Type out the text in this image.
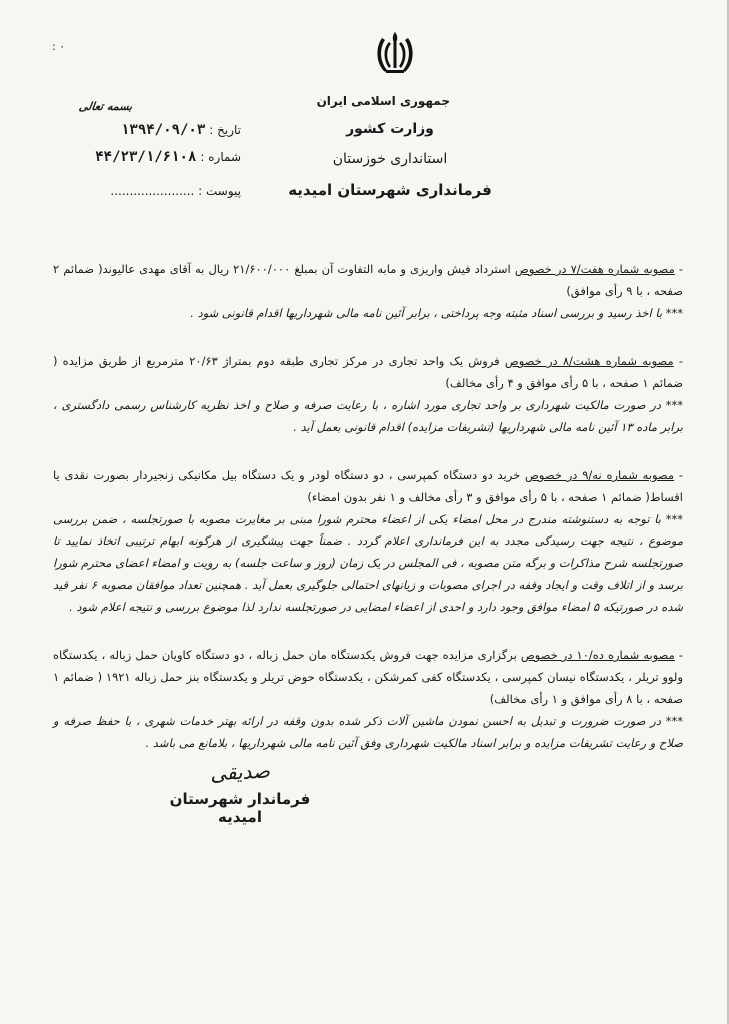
٠ :
بسمه تعالی	جمهوری اسلامی ایران
وزارت کشور
استانداری خوزستان
فرمانداری شهرستان امیدیه
تاریخ :۱۳۹۴/۰۹/۰۳
شماره :۴۴/۲۳/۱/۶۱۰۸
پیوست : ......................

- مصوبه شماره هفت/۷ در خصوص استرداد فیش واریزی و مابه التفاوت آن بمبلغ ۲۱/۶۰۰/۰۰۰ ریال به آقای مهدی عالیوند( ضمائم ۲ صفحه ، با ۹ رأی موافق)

*** با اخذ رسید و بررسی اسناد مثبته وجه پرداختی ، برابر آئین نامه مالی شهرداریها اقدام قانونی شود .

- مصوبه شماره هشت/۸ در خصوص فروش یک واحد تجاری در مرکز تجاری طبقه دوم بمتراژ ۲۰/۶۳ مترمربع از طریق مزایده ( ضمائم ۱ صفحه ، با ۵ رأی موافق و ۴ رأی مخالف)

*** در صورت مالکیت شهرداری بر واحد تجاری مورد اشاره ، با رعایت صرفه و صلاح و اخذ نظریه کارشناس رسمی دادگستری ، برابر ماده ۱۳ آئین نامه مالی شهرداریها (تشریفات مزایده) اقدام قانونی بعمل آید .

- مصوبه شماره نه/۹ در خصوص خرید دو دستگاه کمپرسی ، دو دستگاه لودر و یک دستگاه بیل مکانیکی زنجیردار بصورت نقدی یا اقساط( ضمائم ۱ صفحه ، با ۵ رأی موافق و ۳ رأی مخالف و ۱ نفر بدون امضاء)

*** با توجه به دستنوشته مندرج در محل امضاء یکی از اعضاء محترم شورا مبنی بر مغایرت مصوبه با صورتجلسه ، ضمن بررسی موضوع ، نتیجه جهت رسیدگی مجدد به این فرمانداری اعلام گردد . ضمناً جهت پیشگیری از هرگونه ابهام ترتیبی اتخاذ نمایید تا صورتجلسه شرح مذاکرات و برگه متن مصوبه ، فی المجلس در یک زمان (روز و ساعت جلسه) به رویت و امضاء اعضای محترم شورا برسد و از اتلاف وقت و ایجاد وقفه در اجرای مصوبات و زیانهای احتمالی جلوگیری بعمل آید . همچنین تعداد موافقان مصوبه ۶ نفر قید شده در صورتیکه ۵ امضاء موافق وجود دارد و احدی از اعضاء امضایی در صورتجلسه ندارد لذا موضوع بررسی و نتیجه اعلام شود .

- مصوبه شماره ده/۱۰ در خصوص برگزاری مزایده جهت فروش یکدستگاه مان حمل زباله ، دو دستگاه کاویان حمل زباله ، یکدستگاه ولوو تریلر ، یکدستگاه نیسان کمپرسی ، یکدستگاه کفی کمرشکن ، یکدستگاه حوض تریلر و یکدستگاه بنز حمل زباله ۱۹۲۱ ( ضمائم ۱ صفحه ، با ۸ رأی موافق و ۱ رأی مخالف)

*** در صورت ضرورت و تبدیل به احسن نمودن ماشین آلات ذکر شده بدون وقفه در ارائه بهتر خدمات شهری ، با حفظ صرفه و صلاح و رعایت تشریفات مزایده و برابر اسناد مالکیت شهرداری وفق آئین نامه مالی شهرداریها ، بلامانع می باشد .

صدیقی
فرماندار شهرستان امیدیه
